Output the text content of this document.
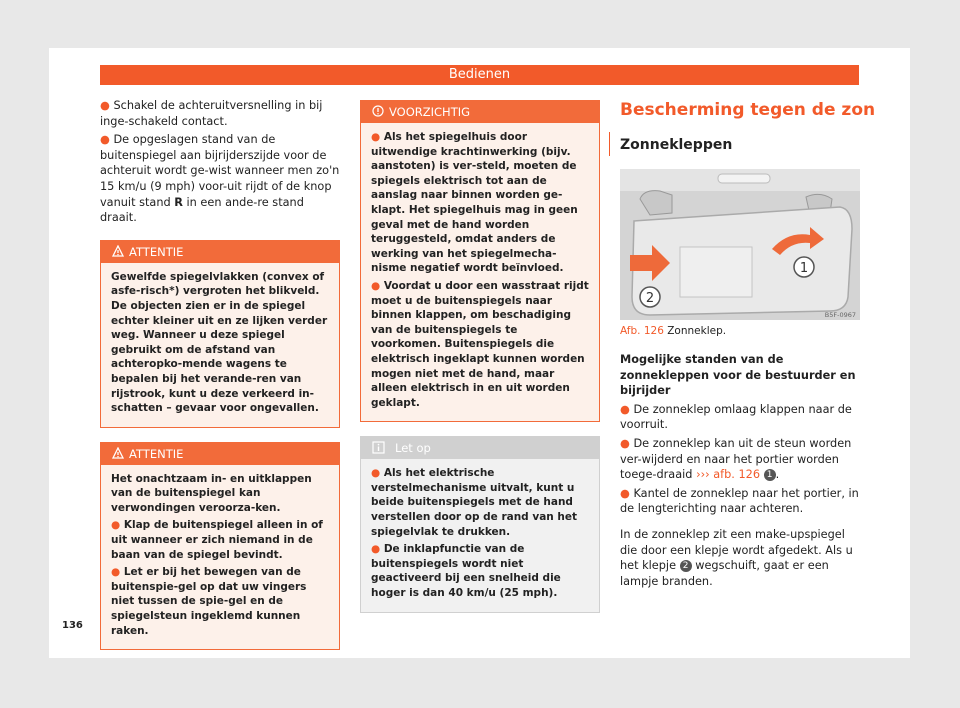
Bedienen

● Schakel de achteruitversnelling in bij inge-schakeld contact.

● De opgeslagen stand van de buitenspiegel aan bijrijderszijde voor de achteruit wordt ge-wist wanneer men zo'n 15 km/u (9 mph) voor-uit rijdt of de knop vanuit stand R in een ande-re stand draait.

ATTENTIE

Gewelfde spiegelvlakken (convex of asfe-risch*) vergroten het blikveld. De objecten zien er in de spiegel echter kleiner uit en ze lijken verder weg. Wanneer u deze spiegel gebruikt om de afstand van achteropko-mende wagens te bepalen bij het verande-ren van rijstrook, kunt u deze verkeerd in-schatten – gevaar voor ongevallen.

ATTENTIE

Het onachtzaam in- en uitklappen van de buitenspiegel kan verwondingen veroorza-ken.

● Klap de buitenspiegel alleen in of uit wanneer er zich niemand in de baan van de spiegel bevindt.

● Let er bij het bewegen van de buitenspie-gel op dat uw vingers niet tussen de spie-gel en de spiegelsteun ingeklemd kunnen raken.

VOORZICHTIG

● Als het spiegelhuis door uitwendige krachtinwerking (bijv. aanstoten) is ver-steld, moeten de spiegels elektrisch tot aan de aanslag naar binnen worden ge-klapt. Het spiegelhuis mag in geen geval met de hand worden teruggesteld, omdat anders de werking van het spiegelmecha-nisme negatief wordt beïnvloed.

● Voordat u door een wasstraat rijdt moet u de buitenspiegels naar binnen klappen, om beschadiging van de buitenspiegels te voorkomen. Buitenspiegels die elektrisch ingeklapt kunnen worden mogen niet met de hand, maar alleen elektrisch in en uit worden geklapt.

Let op

● Als het elektrische verstelmechanisme uitvalt, kunt u beide buitenspiegels met de hand verstellen door op de rand van het spiegelvlak te drukken.

● De inklapfunctie van de buitenspiegels wordt niet geactiveerd bij een snelheid die hoger is dan 40 km/u (25 mph).

Bescherming tegen de zon
Zonnekleppen
1
2
B5F-0967
Afb. 126 Zonneklep.

Mogelijke standen van de zonnekleppen voor de bestuurder en bijrijder

● De zonneklep omlaag klappen naar de voorruit.

● De zonneklep kan uit de steun worden ver-wijderd en naar het portier worden toege-draaid ››› afb. 126 1 .

● Kantel de zonneklep naar het portier, in de lengterichting naar achteren.

In de zonneklep zit een make-upspiegel die door een klepje wordt afgedekt. Als u het klepje 2 wegschuift, gaat er een lampje branden.

136
